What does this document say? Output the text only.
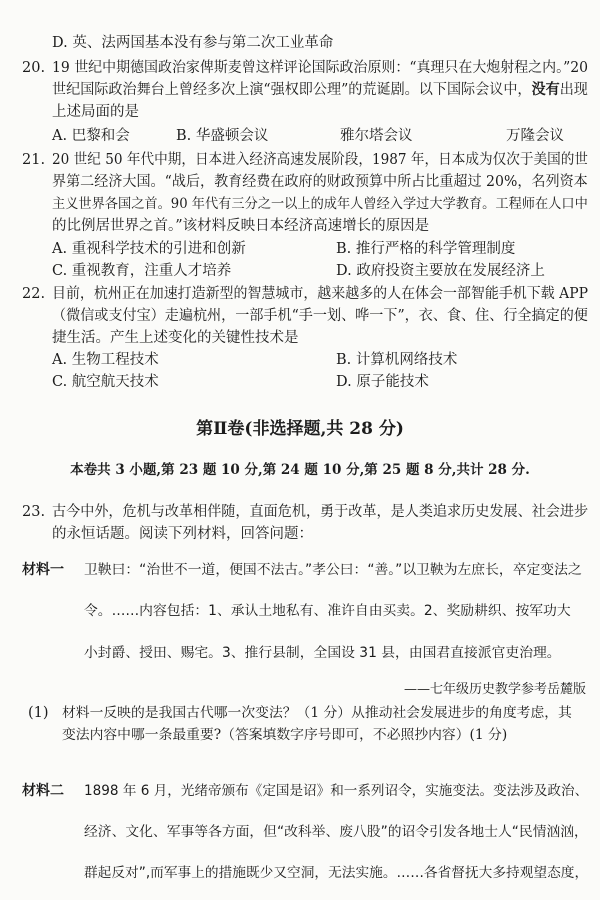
D. 英、法两国基本没有参与第二次工业革命
20. 19 世纪中期德国政治家俾斯麦曾这样评论国际政治原则：“真理只在大炮射程之内。”20
世纪国际政治舞台上曾经多次上演“强权即公理”的荒诞剧。以下国际会议中，没有出现
上述局面的是
A. 巴黎和会	B. 华盛顿会议	雅尔塔会议	万隆会议
21. 20 世纪 50 年代中期，日本进入经济高速发展阶段，1987 年，日本成为仅次于美国的世
界第二经济大国。“战后，教育经费在政府的财政预算中所占比重超过 20%，名列资本
主义世界各国之首。90 年代有三分之一以上的成年人曾经入学过大学教育。工程师在人口中
的比例居世界之首。”该材料反映日本经济高速增长的原因是
A. 重视科学技术的引进和创新	B. 推行严格的科学管理制度
C. 重视教育，注重人才培养	D. 政府投资主要放在发展经济上
22. 目前，杭州正在加速打造新型的智慧城市，越来越多的人在体会一部智能手机下载 APP
（微信或支付宝）走遍杭州，一部手机“手一划、哗一下”，衣、食、住、行全搞定的便
捷生活。产生上述变化的关键性技术是
A. 生物工程技术	B. 计算机网络技术
C. 航空航天技术	D. 原子能技术
第Ⅱ卷(非选择题,共 28 分)
本卷共 3 小题,第 23 题 10 分,第 24 题 10 分,第 25 题 8 分,共计 28 分.
23. 古今中外，危机与改革相伴随，直面危机，勇于改革，是人类追求历史发展、社会进步
的永恒话题。阅读下列材料，回答问题：
材料一 卫鞅曰：“治世不一道，便国不法古。”孝公曰：“善。”以卫鞅为左庶长，卒定变法之
令。……内容包括：1、承认土地私有、准许自由买卖。2、奖励耕织、按军功大
小封爵、授田、赐宅。3、推行县制，全国设 31 县，由国君直接派官吏治理。
——七年级历史教学参考岳麓版
(1) 材料一反映的是我国古代哪一次变法？（1 分）从推动社会发展进步的角度考虑，其
变法内容中哪一条最重要?（答案填数字序号即可，不必照抄内容）(1 分)
材料二 1898 年 6 月，光绪帝颁布《定国是诏》和一系列诏令，实施变法。变法涉及政治、
经济、文化、军事等各方面，但“改科举、废八股”的诏令引发各地士人“民情汹汹，
群起反对”,而军事上的措施既少又空洞，无法实施。……各省督抚大多持观望态度，
